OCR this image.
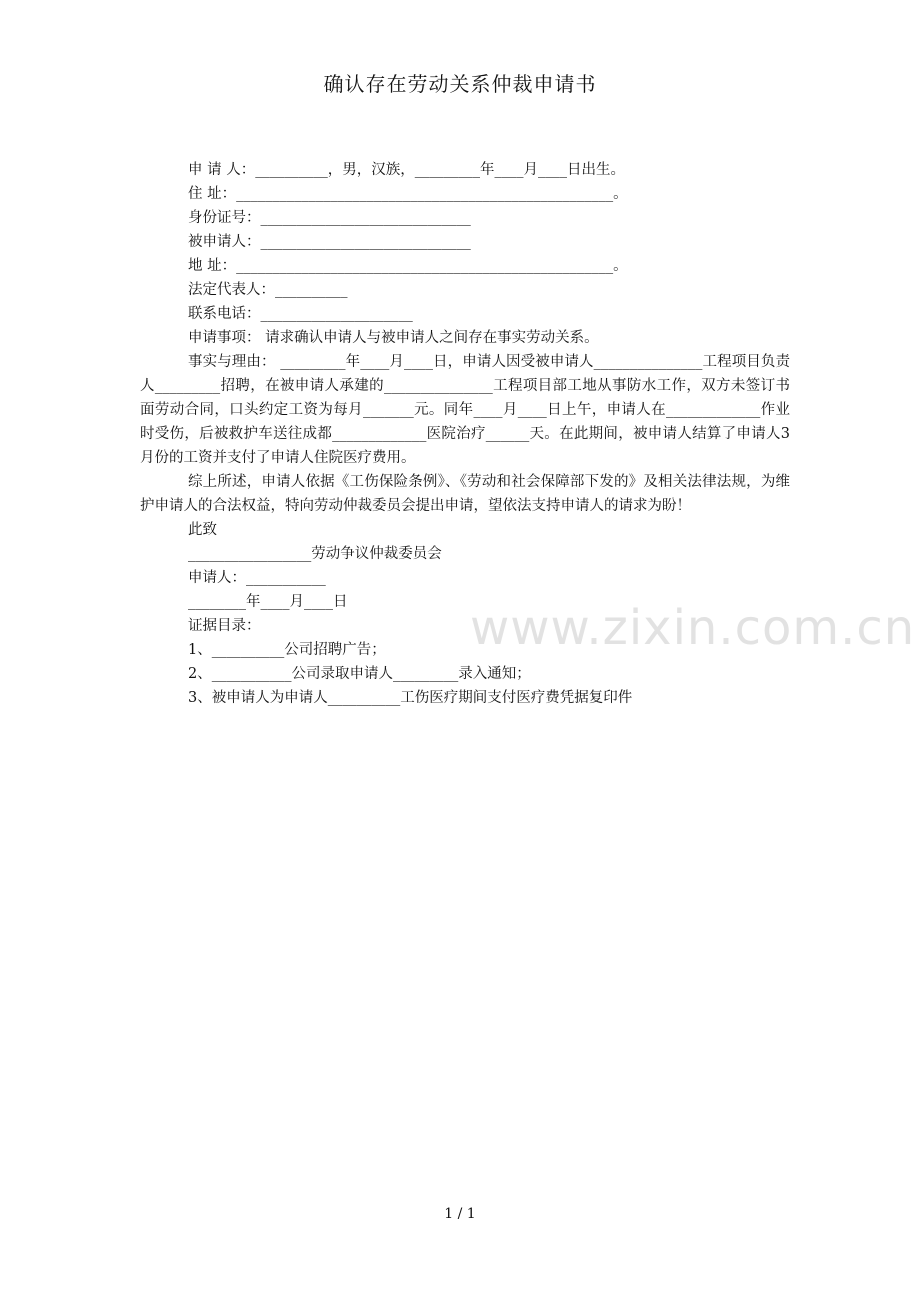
确认存在劳动关系仲裁申请书
申 请 人：__________，男，汉族，_________年____月____日出生。
住 址：____________________________________________________。
身份证号：_____________________________
被申请人：_____________________________
地 址：____________________________________________________。
法定代表人：__________
联系电话：_____________________
申请事项： 请求确认申请人与被申请人之间存在事实劳动关系。
事实与理由： _________年____月____日，申请人因受被申请人_______________工程项目负责人_________招聘，在被申请人承建的_______________工程项目部工地从事防水工作，双方未签订书面劳动合同，口头约定工资为每月_______元。同年____月____日上午，申请人在_____________作业时受伤，后被救护车送往成都_____________医院治疗______天。在此期间，被申请人结算了申请人3月份的工资并支付了申请人住院医疗费用。
综上所述，申请人依据《工伤保险条例》、《劳动和社会保障部下发的》及相关法律法规，为维护申请人的合法权益，特向劳动仲裁委员会提出申请，望依法支持申请人的请求为盼！
此致
_________________劳动争议仲裁委员会
申请人：___________
________年____月____日
证据目录：
1、__________公司招聘广告；
2、___________公司录取申请人_________录入通知；
3、被申请人为申请人__________工伤医疗期间支付医疗费凭据复印件
www.zixin.com.cn
1 / 1
